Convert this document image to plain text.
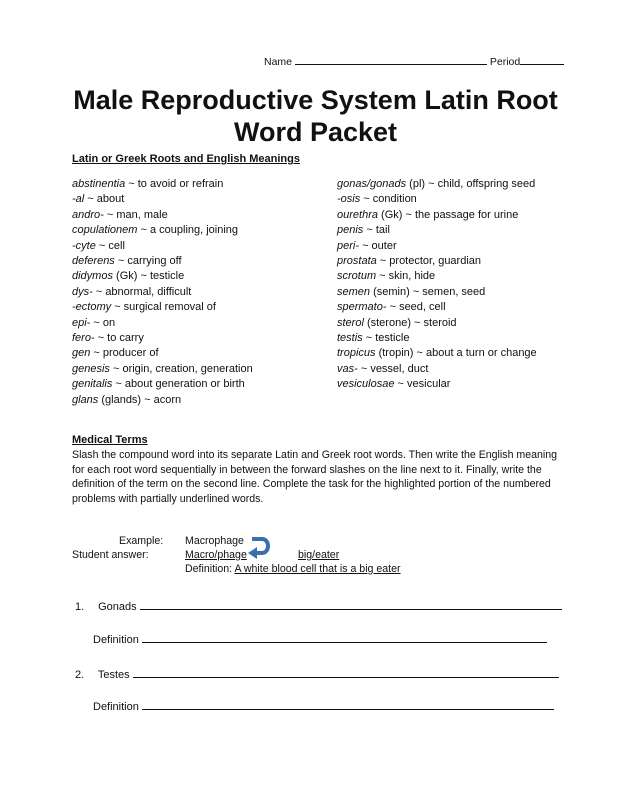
Name	Period
Male Reproductive System Latin Root
Word Packet
Latin or Greek Roots and English Meanings
abstinentia ~ to avoid or refrain
-al ~ about
andro- ~ man, male
copulationem ~ a coupling, joining
-cyte ~ cell
deferens ~ carrying off
didymos (Gk) ~ testicle
dys- ~ abnormal, difficult
-ectomy ~ surgical removal of
epi- ~ on
fero- ~ to carry
gen ~ producer of
genesis ~ origin, creation, generation
genitalis ~ about generation or birth
glans (glands) ~ acorn
gonas/gonads (pl) ~ child, offspring seed
-osis ~ condition
ourethra (Gk) ~ the passage for urine
penis ~ tail
peri- ~ outer
prostata ~ protector, guardian
scrotum ~ skin, hide
semen (semin) ~ semen, seed
spermato- ~ seed, cell
sterol (sterone) ~ steroid
testis ~ testicle
tropicus (tropin) ~ about a turn or change
vas- ~ vessel, duct
vesiculosae ~ vesicular
Medical Terms
Slash the compound word into its separate Latin and Greek root words. Then write the English meaning for each root word sequentially in between the forward slashes on the line next to it. Finally, write the definition of the term on the second line. Complete the task for the highlighted portion of the numbered problems with partially underlined words.
Example: Macrophage
Student answer:	Macro/phage	big/eater
Definition: A white blood cell that is a big eater
1. Gonads
Definition
2. Testes
Definition
